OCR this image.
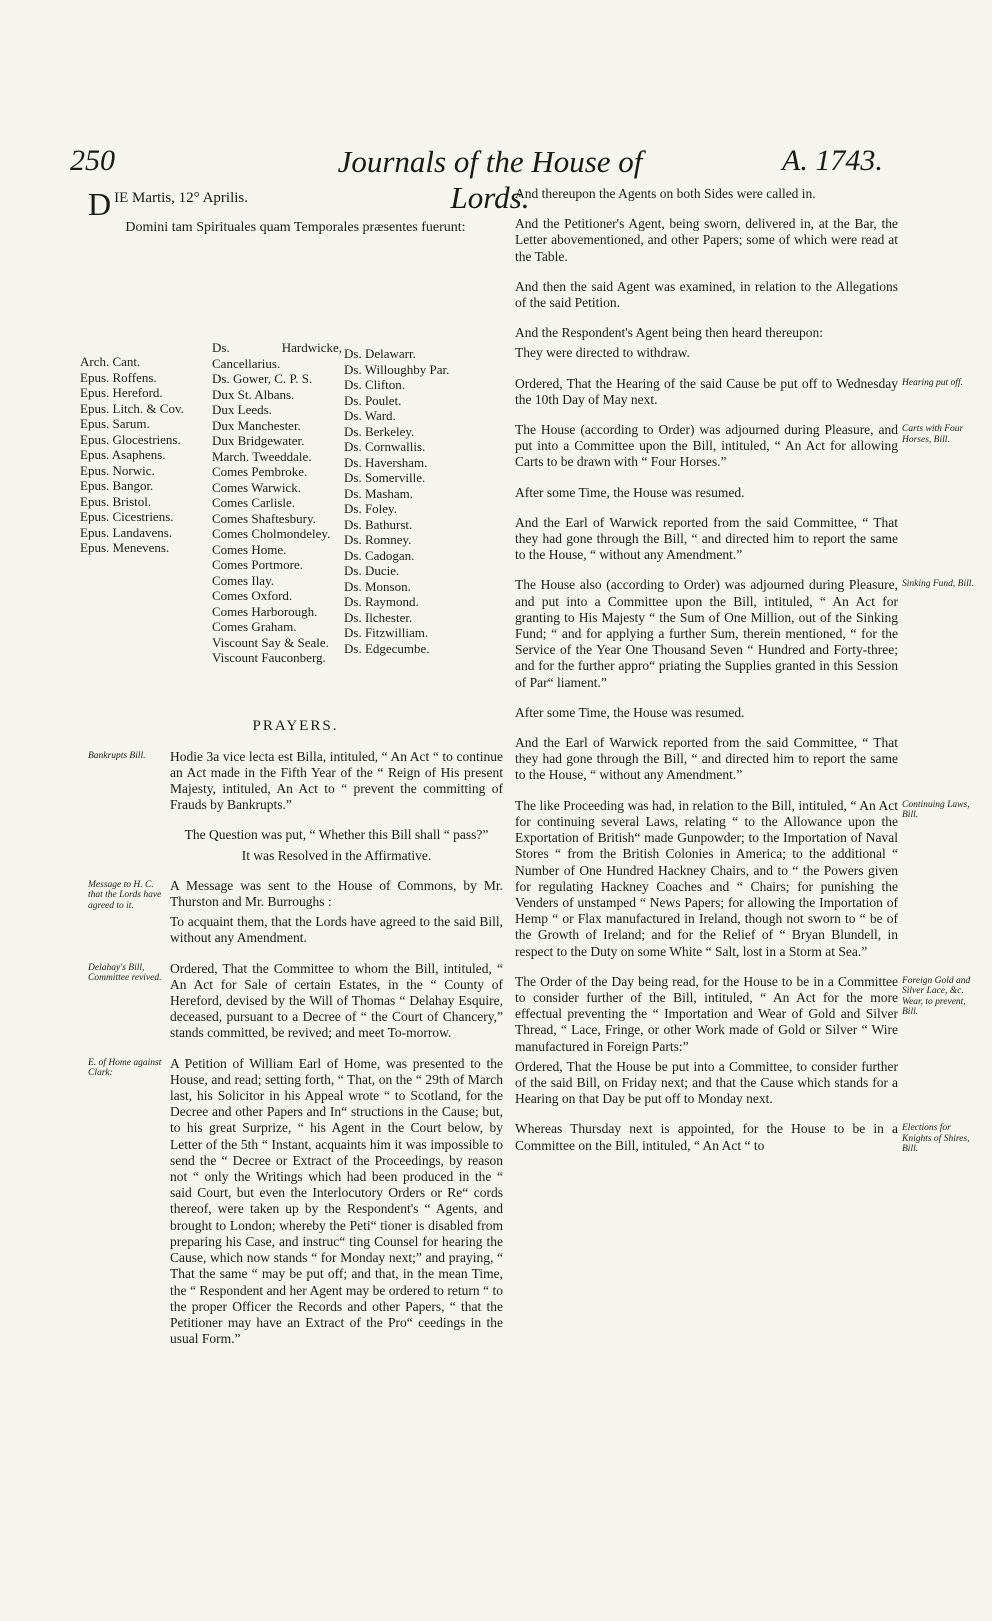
250	Journals of the House of Lords.
A. 1743.
D IE Martis, 12° Aprilis.
Domini tam Spirituales quam Temporales præsentes fuerunt:
Arch. Cant.
Epus. Roffens.
Epus. Hereford.
Epus. Litch. & Cov.
Epus. Sarum.
Epus. Glocestriens.
Epus. Asaphens.
Epus. Norwic.
Epus. Bangor.
Epus. Bristol.
Epus. Cicestriens.
Epus. Landavens.
Epus. Menevens.
Ds. Hardwicke, Cancellarius.
Ds. Gower, C. P. S.
Dux St. Albans.
Dux Leeds.
Dux Manchester.
Dux Bridgewater.
March. Tweeddale.
Comes Pembroke.
Comes Warwick.
Comes Carlisle.
Comes Shaftesbury.
Comes Cholmondeley.
Comes Home.
Comes Portmore.
Comes Ilay.
Comes Oxford.
Comes Harborough.
Comes Graham.
Viscount Say & Seale.
Viscount Fauconberg.
Ds. Delawarr.
Ds. Willoughby Par.
Ds. Clifton.
Ds. Poulet.
Ds. Ward.
Ds. Berkeley.
Ds. Cornwallis.
Ds. Haversham.
Ds. Somerville.
Ds. Masham.
Ds. Foley.
Ds. Bathurst.
Ds. Romney.
Ds. Cadogan.
Ds. Ducie.
Ds. Monson.
Ds. Raymond.
Ds. Ilchester.
Ds. Fitzwilliam.
Ds. Edgecumbe.
PRAYERS.
Bankrupts Bill.	Hodie 3a vice lecta est Billa, intituled, “ An Act “ to continue an Act made in the Fifth Year of the “ Reign of His present Majesty, intituled, An Act to “ prevent the committing of Frauds by Bankrupts.”
The Question was put, “ Whether this Bill shall “ pass?”
It was Resolved in the Affirmative.
Message to H. C. that the Lords have agreed to it.
A Message was sent to the House of Commons, by Mr. Thurston and Mr. Burroughs :
To acquaint them, that the Lords have agreed to the said Bill, without any Amendment.
Delahay's Bill, Committee revived.
Ordered, That the Committee to whom the Bill, intituled, “ An Act for Sale of certain Estates, in the “ County of Hereford, devised by the Will of Thomas “ Delahay Esquire, deceased, pursuant to a Decree of “ the Court of Chancery,” stands committed, be revived; and meet To-morrow.
E. of Home against Clark:
A Petition of William Earl of Home, was presented to the House, and read; setting forth, “ That, on the “ 29th of March last, his Solicitor in his Appeal wrote “ to Scotland, for the Decree and other Papers and In“ structions in the Cause; but, to his great Surprize, “ his Agent in the Court below, by Letter of the 5th “ Instant, acquaints him it was impossible to send the “ Decree or Extract of the Proceedings, by reason not “ only the Writings which had been produced in the “ said Court, but even the Interlocutory Orders or Re“ cords thereof, were taken up by the Respondent's “ Agents, and brought to London; whereby the Peti“ tioner is disabled from preparing his Case, and instruc“ ting Counsel for hearing the Cause, which now stands “ for Monday next;” and praying, “ That the same “ may be put off; and that, in the mean Time, the “ Respondent and her Agent may be ordered to return “ to the proper Officer the Records and other Papers, “ that the Petitioner may have an Extract of the Pro“ ceedings in the usual Form.”
And thereupon the Agents on both Sides were called in.
And the Petitioner's Agent, being sworn, delivered in, at the Bar, the Letter abovementioned, and other Papers; some of which were read at the Table.
And then the said Agent was examined, in relation to the Allegations of the said Petition.
And the Respondent's Agent being then heard thereupon:
They were directed to withdraw.
Hearing put off.
Ordered, That the Hearing of the said Cause be put off to Wednesday the 10th Day of May next.
Carts with Four Horses, Bill.
The House (according to Order) was adjourned during Pleasure, and put into a Committee upon the Bill, intituled, “ An Act for allowing Carts to be drawn with “ Four Horses.”
After some Time, the House was resumed.
And the Earl of Warwick reported from the said Committee, “ That they had gone through the Bill, “ and directed him to report the same to the House, “ without any Amendment.”
Sinking Fund, Bill.
The House also (according to Order) was adjourned during Pleasure, and put into a Committee upon the Bill, intituled, “ An Act for granting to His Majesty “ the Sum of One Million, out of the Sinking Fund; “ and for applying a further Sum, therein mentioned, “ for the Service of the Year One Thousand Seven “ Hundred and Forty-three; and for the further appro“ priating the Supplies granted in this Session of Par“ liament.”
After some Time, the House was resumed.
And the Earl of Warwick reported from the said Committee, “ That they had gone through the Bill, “ and directed him to report the same to the House, “ without any Amendment.”
Continuing Laws, Bill.
The like Proceeding was had, in relation to the Bill, intituled, “ An Act for continuing several Laws, relating “ to the Allowance upon the Exportation of British“ made Gunpowder; to the Importation of Naval Stores “ from the British Colonies in America; to the additional “ Number of One Hundred Hackney Chairs, and to “ the Powers given for regulating Hackney Coaches and “ Chairs; for punishing the Venders of unstamped “ News Papers; for allowing the Importation of Hemp “ or Flax manufactured in Ireland, though not sworn to “ be of the Growth of Ireland; and for the Relief of “ Bryan Blundell, in respect to the Duty on some White “ Salt, lost in a Storm at Sea.”
Foreign Gold and Silver Lace, &c. Wear, to prevent, Bill.
The Order of the Day being read, for the House to be in a Committee to consider further of the Bill, intituled, “ An Act for the more effectual preventing the “ Importation and Wear of Gold and Silver Thread, “ Lace, Fringe, or other Work made of Gold or Silver “ Wire manufactured in Foreign Parts:”
Ordered, That the House be put into a Committee, to consider further of the said Bill, on Friday next; and that the Cause which stands for a Hearing on that Day be put off to Monday next.
Elections for Knights of Shires, Bill.
Whereas Thursday next is appointed, for the House to be in a Committee on the Bill, intituled, “ An Act “ to
